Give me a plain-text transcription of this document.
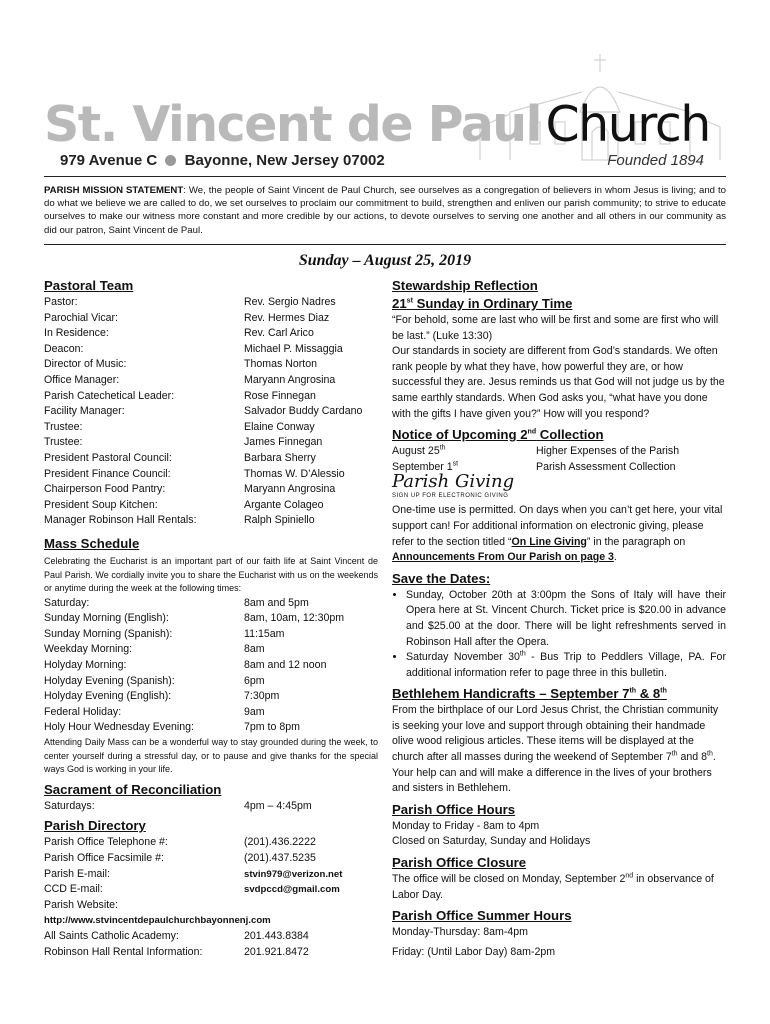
St. Vincent de Paul Church
979 Avenue C Bayonne, New Jersey 07002	Founded 1894
PARISH MISSION STATEMENT: We, the people of Saint Vincent de Paul Church, see ourselves as a congregation of believers in whom Jesus is living; and to do what we believe we are called to do, we set ourselves to proclaim our commitment to build, strengthen and enliven our parish community; to strive to educate ourselves to make our witness more constant and more credible by our actions, to devote ourselves to serving one another and all others in our community as did our patron, Saint Vincent de Paul.
Sunday – August 25, 2019
Pastoral Team
Pastor:	Rev. Sergio Nadres
Parochial Vicar:	Rev. Hermes Diaz
In Residence:	Rev. Carl Arico
Deacon:	Michael P. Missaggia
Director of Music:	Thomas Norton
Office Manager:	Maryann Angrosina
Parish Catechetical Leader:	Rose Finnegan
Facility Manager:	Salvador Buddy Cardano
Trustee:	Elaine Conway
Trustee:	James Finnegan
President Pastoral Council:	Barbara Sherry
President Finance Council:	Thomas W. D’Alessio
Chairperson Food Pantry:	Maryann Angrosina
President Soup Kitchen:	Argante Colageo
Manager Robinson Hall Rentals:	Ralph Spiniello
Mass Schedule
Celebrating the Eucharist is an important part of our faith life at Saint Vincent de Paul Parish. We cordially invite you to share the Eucharist with us on the weekends or anytime during the week at the following times:
Saturday:	8am and 5pm
Sunday Morning (English):	8am, 10am, 12:30pm
Sunday Morning (Spanish):	11:15am
Weekday Morning:	8am
Holyday Morning:	8am and 12 noon
Holyday Evening (Spanish):	6pm
Holyday Evening (English):	7:30pm
Federal Holiday:	9am
Holy Hour Wednesday Evening:	7pm to 8pm
Attending Daily Mass can be a wonderful way to stay grounded during the week, to center yourself during a stressful day, or to pause and give thanks for the special ways God is working in your life.
Sacrament of Reconciliation
Saturdays:	4pm – 4:45pm
Parish Directory
Parish Office Telephone #:	(201).436.2222
Parish Office Facsimile #:	(201).437.5235
Parish E-mail:	stvin979@verizon.net
CCD E-mail:	svdpccd@gmail.com
Parish Website:
http://www.stvincentdepaulchurchbayonnenj.com
All Saints Catholic Academy:	201.443.8384
Robinson Hall Rental Information:	201.921.8472
Stewardship Reflection
21st Sunday in Ordinary Time

“For behold, some are last who will be first and some are first who will be last.” (Luke 13:30)

Our standards in society are different from God’s standards. We often rank people by what they have, how powerful they are, or how successful they are. Jesus reminds us that God will not judge us by the same earthly standards. When God asks you, “what have you done with the gifts I have given you?” How will you respond?

Notice of Upcoming 2nd Collection
August 25th	Higher Expenses of the Parish
September 1st	Parish Assessment Collection
Parish Giving
SIGN UP FOR ELECTRONIC GIVING

One-time use is permitted. On days when you can’t get here, your vital support can! For additional information on electronic giving, please refer to the section titled “On Line Giving” in the paragraph on Announcements From Our Parish on page 3.

Save the Dates:
• Sunday, October 20th at 3:00pm the Sons of Italy will have their Opera here at St. Vincent Church. Ticket price is $20.00 in advance and $25.00 at the door. There will be light refreshments served in Robinson Hall after the Opera.
• Saturday November 30th - Bus Trip to Peddlers Village, PA. For additional information refer to page three in this bulletin.
Bethlehem Handicrafts – September 7th & 8th

From the birthplace of our Lord Jesus Christ, the Christian community is seeking your love and support through obtaining their handmade olive wood religious articles. These items will be displayed at the church after all masses during the weekend of September 7th and 8th. Your help can and will make a difference in the lives of your brothers and sisters in Bethlehem.

Parish Office Hours
Monday to Friday - 8am to 4pm
Closed on Saturday, Sunday and Holidays
Parish Office Closure

The office will be closed on Monday, September 2nd in observance of Labor Day.

Parish Office Summer Hours
Monday-Thursday: 8am-4pm
Friday: (Until Labor Day) 8am-2pm
